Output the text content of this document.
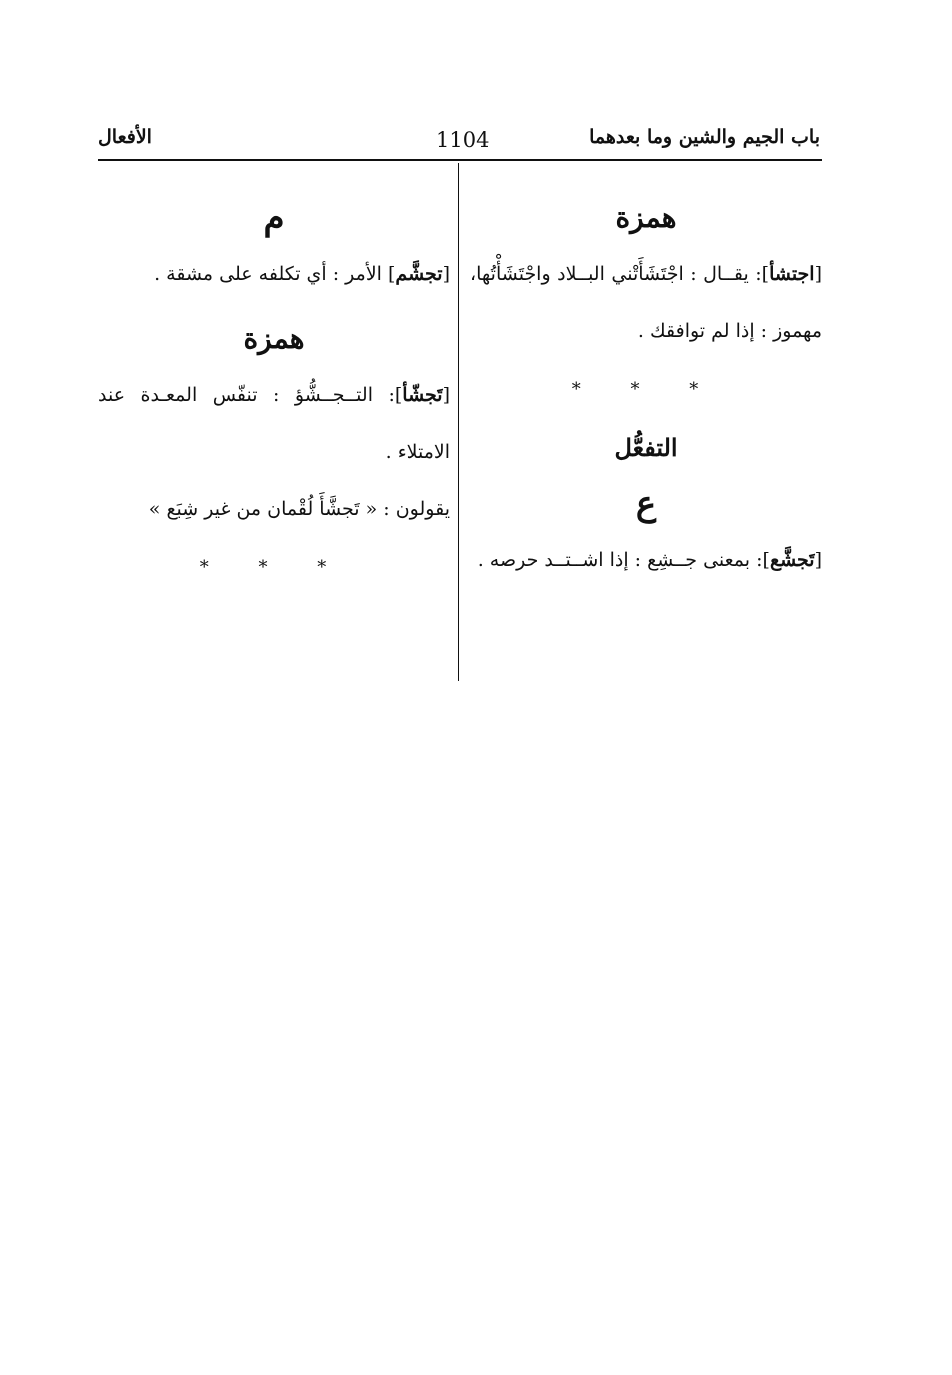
باب الجيم والشين وما بعدهما
1104
الأفعال
همزة

[اجتشأ]: يقــال : اجْتَشَأَتْني البــلاد واجْتَشَأْتُها، مهموز : إذا لم توافقك .

* * *
التفعُّل
ع

[تَجشَّع]: بمعنى جــشِع : إذا اشــتــد حرصه .

م

[تجشَّم] الأمر : أي تكلفه على مشقة .

همزة

[تَجشّأ]: التــجــشُّؤ : تنفّس المعـدة عند الامتلاء .

يقولون : « تَجشَّأَ لُقْمان من غير شِبَع »

* * *
